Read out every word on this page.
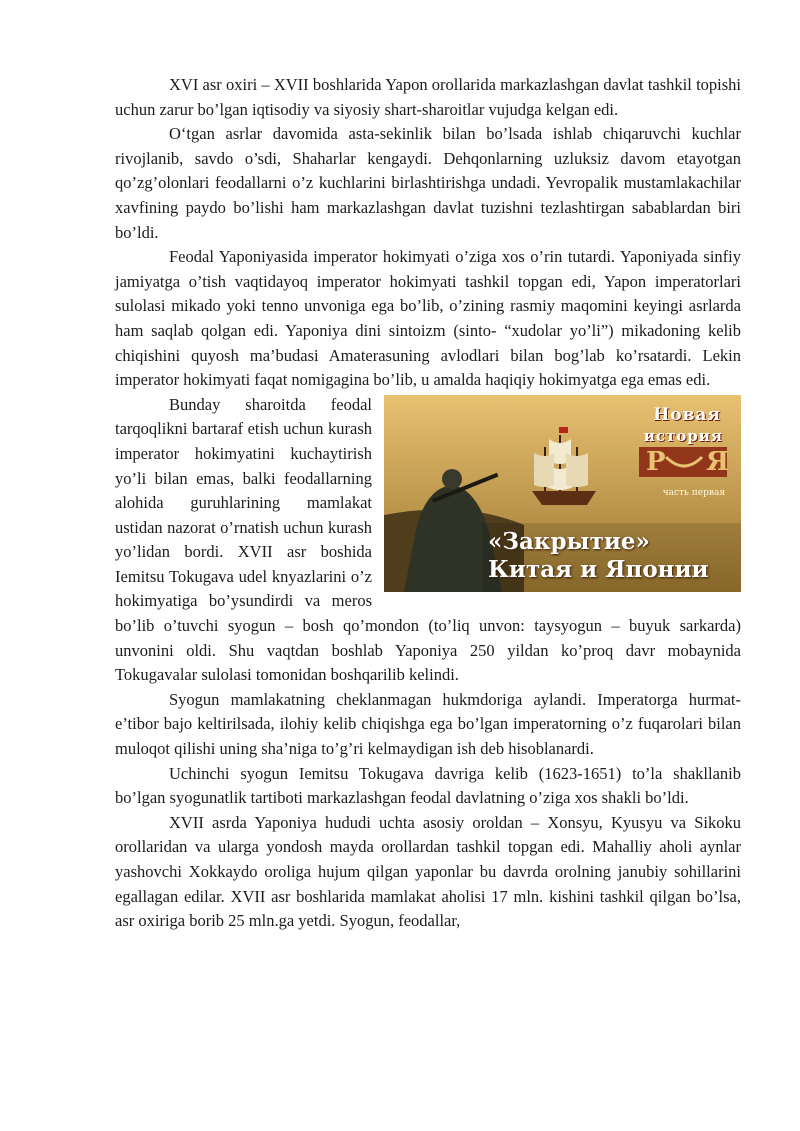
XVI asr oxiri – XVII boshlarida Yapon orollarida markazlashgan davlat tashkil topishi uchun zarur bo’lgan iqtisodiy va siyosiy shart-sharoitlar vujudga kelgan edi.

O‘tgan asrlar davomida asta-sekinlik bilan bo’lsada ishlab chiqaruvchi kuchlar rivojlanib, savdo o’sdi, Shaharlar kengaydi. Dehqonlarning uzluksiz davom etayotgan qo’zg’olonlari feodallarni o’z kuchlarini birlashtirishga undadi. Yevropalik mustamlakachilar xavfining paydo bo’lishi ham markazlashgan davlat tuzishni tezlashtirgan sabablardan biri bo’ldi.

Feodal Yaponiyasida imperator hokimyati o’ziga xos o’rin tutardi. Yaponiyada sinfiy jamiyatga o’tish vaqtidayoq imperator hokimyati tashkil topgan edi, Yapon imperatorlari sulolasi mikado yoki tenno unvoniga ega bo’lib, o’zining rasmiy maqomini keyingi asrlarda ham saqlab qolgan edi. Yaponiya dini sintoizm (sinto- “xudolar yo’li”) mikadoning kelib chiqishini quyosh ma’budasi Amaterasuning avlodlari bilan bog’lab ko’rsatardi. Lekin imperator hokimyati faqat nomigagina bo’lib, u amalda haqiqiy hokimyatga ega emas edi.

P Я
Новая
история
часть первая
«Закрытие»
Китая и Японии

Bunday sharoitda feodal tarqoqlikni bartaraf etish uchun kurash imperator hokimyatini kuchaytirish yo’li bilan emas, balki feodallarning alohida guruhlarining mamlakat ustidan nazorat o’rnatish uchun kurash yo’lidan bordi. XVII asr boshida Iemitsu Tokugava udel knyazlarini o’z hokimyatiga bo’ysundirdi va meros bo’lib o’tuvchi syogun – bosh qo’mondon (to’liq unvon: taysyogun – buyuk sarkarda) unvonini oldi. Shu vaqtdan boshlab Yaponiya 250 yildan ko’proq davr mobaynida Tokugavalar sulolasi tomonidan boshqarilib kelindi.

Syogun mamlakatning cheklanmagan hukmdoriga aylandi. Imperatorga hurmat-e’tibor bajo keltirilsada, ilohiy kelib chiqishga ega bo’lgan imperatorning o’z fuqarolari bilan muloqot qilishi uning sha’niga to’g’ri kelmaydigan ish deb hisoblanardi.

Uchinchi syogun Iemitsu Tokugava davriga kelib (1623-1651) to’la shakllanib bo’lgan syogunatlik tartiboti markazlashgan feodal davlatning o’ziga xos shakli bo’ldi.

XVII asrda Yaponiya hududi uchta asosiy oroldan – Xonsyu, Kyusyu va Sikoku orollaridan va ularga yondosh mayda orollardan tashkil topgan edi. Mahalliy aholi aynlar yashovchi Xokkaydo oroliga hujum qilgan yaponlar bu davrda orolning janubiy sohillarini egallagan edilar. XVII asr boshlarida mamlakat aholisi 17 mln. kishini tashkil qilgan bo’lsa, asr oxiriga borib 25 mln.ga yetdi. Syogun, feodallar,
